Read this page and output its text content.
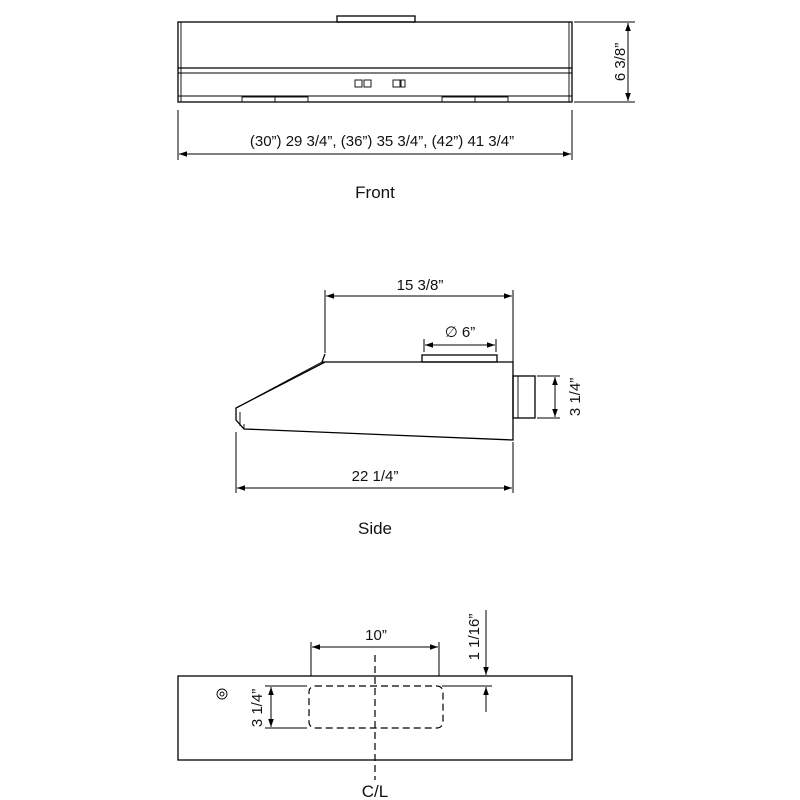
6 3/8”
(30”) 29 3/4”, (36”) 35 3/4”, (42”) 41 3/4”
Front
15 3/8”
∅ 6”
3 1/4”
22 1/4”
Side
10”
C/L
1 1/16”
3 1/4”
